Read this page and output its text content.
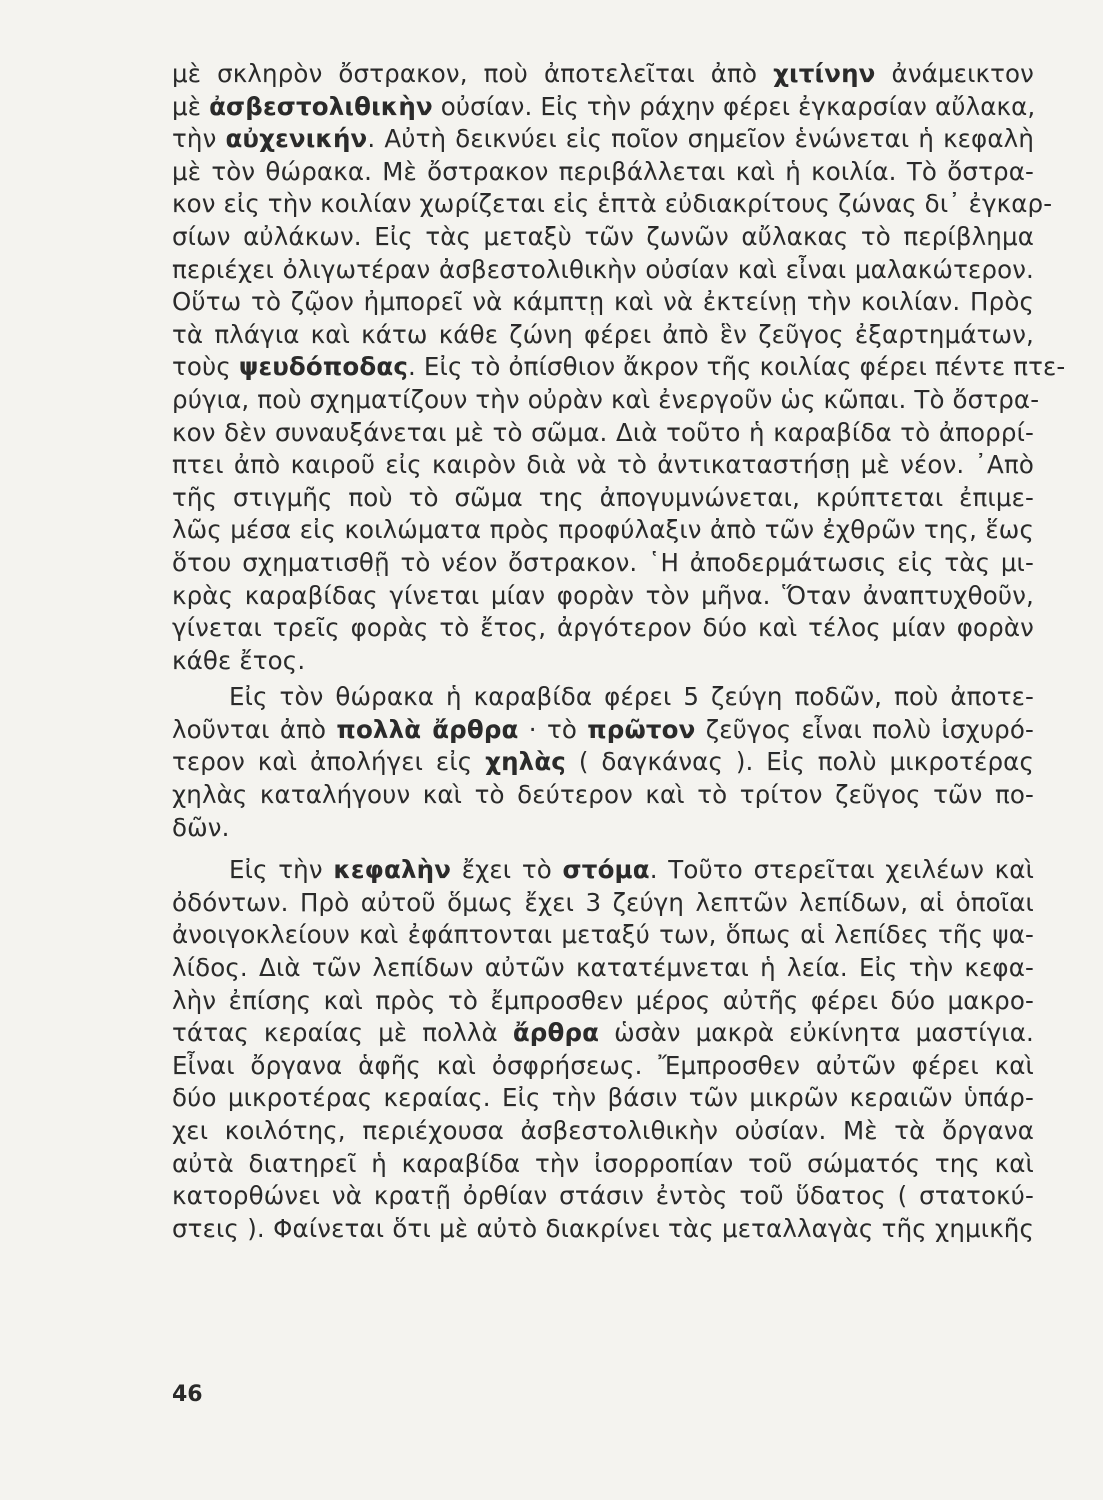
μὲ σκληρὸν ὄστρακον, ποὺ ἀποτελεῖται ἀπὸ χιτίνην ἀνάμεικτον
μὲ ἀσβεστολιθικὴν οὐσίαν. Εἰς τὴν ράχην φέρει ἐγκαρσίαν αὔλακα,
τὴν αὐχενικήν. Αὐτὴ δεικνύει εἰς ποῖον σημεῖον ἑνώνεται ἡ κεφαλὴ
μὲ τὸν θώρακα. Μὲ ὄστρακον περιβάλλεται καὶ ἡ κοιλία. Τὸ ὄστρα-
κον εἰς τὴν κοιλίαν χωρίζεται εἰς ἑπτὰ εὐδιακρίτους ζώνας δι᾿ ἐγκαρ-
σίων αὐλάκων. Εἰς τὰς μεταξὺ τῶν ζωνῶν αὔλακας τὸ περίβλημα
περιέχει ὀλιγωτέραν ἀσβεστολιθικὴν οὐσίαν καὶ εἶναι μαλακώτερον.
Οὕτω τὸ ζῷον ἠμπορεῖ νὰ κάμπτῃ καὶ νὰ ἐκτείνῃ τὴν κοιλίαν. Πρὸς
τὰ πλάγια καὶ κάτω κάθε ζώνη φέρει ἀπὸ ἓν ζεῦγος ἐξαρτημάτων,
τοὺς ψευδόποδας. Εἰς τὸ ὀπίσθιον ἄκρον τῆς κοιλίας φέρει πέντε πτε-
ρύγια, ποὺ σχηματίζουν τὴν οὐρὰν καὶ ἐνεργοῦν ὡς κῶπαι. Τὸ ὄστρα-
κον δὲν συναυξάνεται μὲ τὸ σῶμα. Διὰ τοῦτο ἡ καραβίδα τὸ ἀπορρί-
πτει ἀπὸ καιροῦ εἰς καιρὸν διὰ νὰ τὸ ἀντικαταστήσῃ μὲ νέον. ᾿Απὸ
τῆς στιγμῆς ποὺ τὸ σῶμα της ἀπογυμνώνεται, κρύπτεται ἐπιμε-
λῶς μέσα εἰς κοιλώματα πρὸς προφύλαξιν ἀπὸ τῶν ἐχθρῶν της, ἕως
ὅτου σχηματισθῇ τὸ νέον ὄστρακον. ῾Η ἀποδερμάτωσις εἰς τὰς μι-
κρὰς καραβίδας γίνεται μίαν φορὰν τὸν μῆνα. Ὅταν ἀναπτυχθοῦν,
γίνεται τρεῖς φορὰς τὸ ἔτος, ἀργότερον δύο καὶ τέλος μίαν φορὰν
κάθε ἔτος.
Εἰς τὸν θώρακα ἡ καραβίδα φέρει 5 ζεύγη ποδῶν, ποὺ ἀποτε-
λοῦνται ἀπὸ πολλὰ ἄρθρα · τὸ πρῶτον ζεῦγος εἶναι πολὺ ἰσχυρό-
τερον καὶ ἀπολήγει εἰς χηλὰς ( δαγκάνας ). Εἰς πολὺ μικροτέρας
χηλὰς καταλήγουν καὶ τὸ δεύτερον καὶ τὸ τρίτον ζεῦγος τῶν πο-
δῶν.
Εἰς τὴν κεφαλὴν ἔχει τὸ στόμα. Τοῦτο στερεῖται χειλέων καὶ
ὀδόντων. Πρὸ αὐτοῦ ὅμως ἔχει 3 ζεύγη λεπτῶν λεπίδων, αἱ ὁποῖαι
ἀνοιγοκλείουν καὶ ἐφάπτονται μεταξύ των, ὅπως αἱ λεπίδες τῆς ψα-
λίδος. Διὰ τῶν λεπίδων αὐτῶν κατατέμνεται ἡ λεία. Εἰς τὴν κεφα-
λὴν ἐπίσης καὶ πρὸς τὸ ἔμπροσθεν μέρος αὐτῆς φέρει δύο μακρο-
τάτας κεραίας μὲ πολλὰ ἄρθρα ὡσὰν μακρὰ εὐκίνητα μαστίγια.
Εἶναι ὄργανα ἁφῆς καὶ ὀσφρήσεως. Ἔμπροσθεν αὐτῶν φέρει καὶ
δύο μικροτέρας κεραίας. Εἰς τὴν βάσιν τῶν μικρῶν κεραιῶν ὑπάρ-
χει κοιλότης, περιέχουσα ἀσβεστολιθικὴν οὐσίαν. Μὲ τὰ ὄργανα
αὐτὰ διατηρεῖ ἡ καραβίδα τὴν ἰσορροπίαν τοῦ σώματός της καὶ
κατορθώνει νὰ κρατῇ ὀρθίαν στάσιν ἐντὸς τοῦ ὕδατος ( στατοκύ-
στεις ). Φαίνεται ὅτι μὲ αὐτὸ διακρίνει τὰς μεταλλαγὰς τῆς χημικῆς
46
